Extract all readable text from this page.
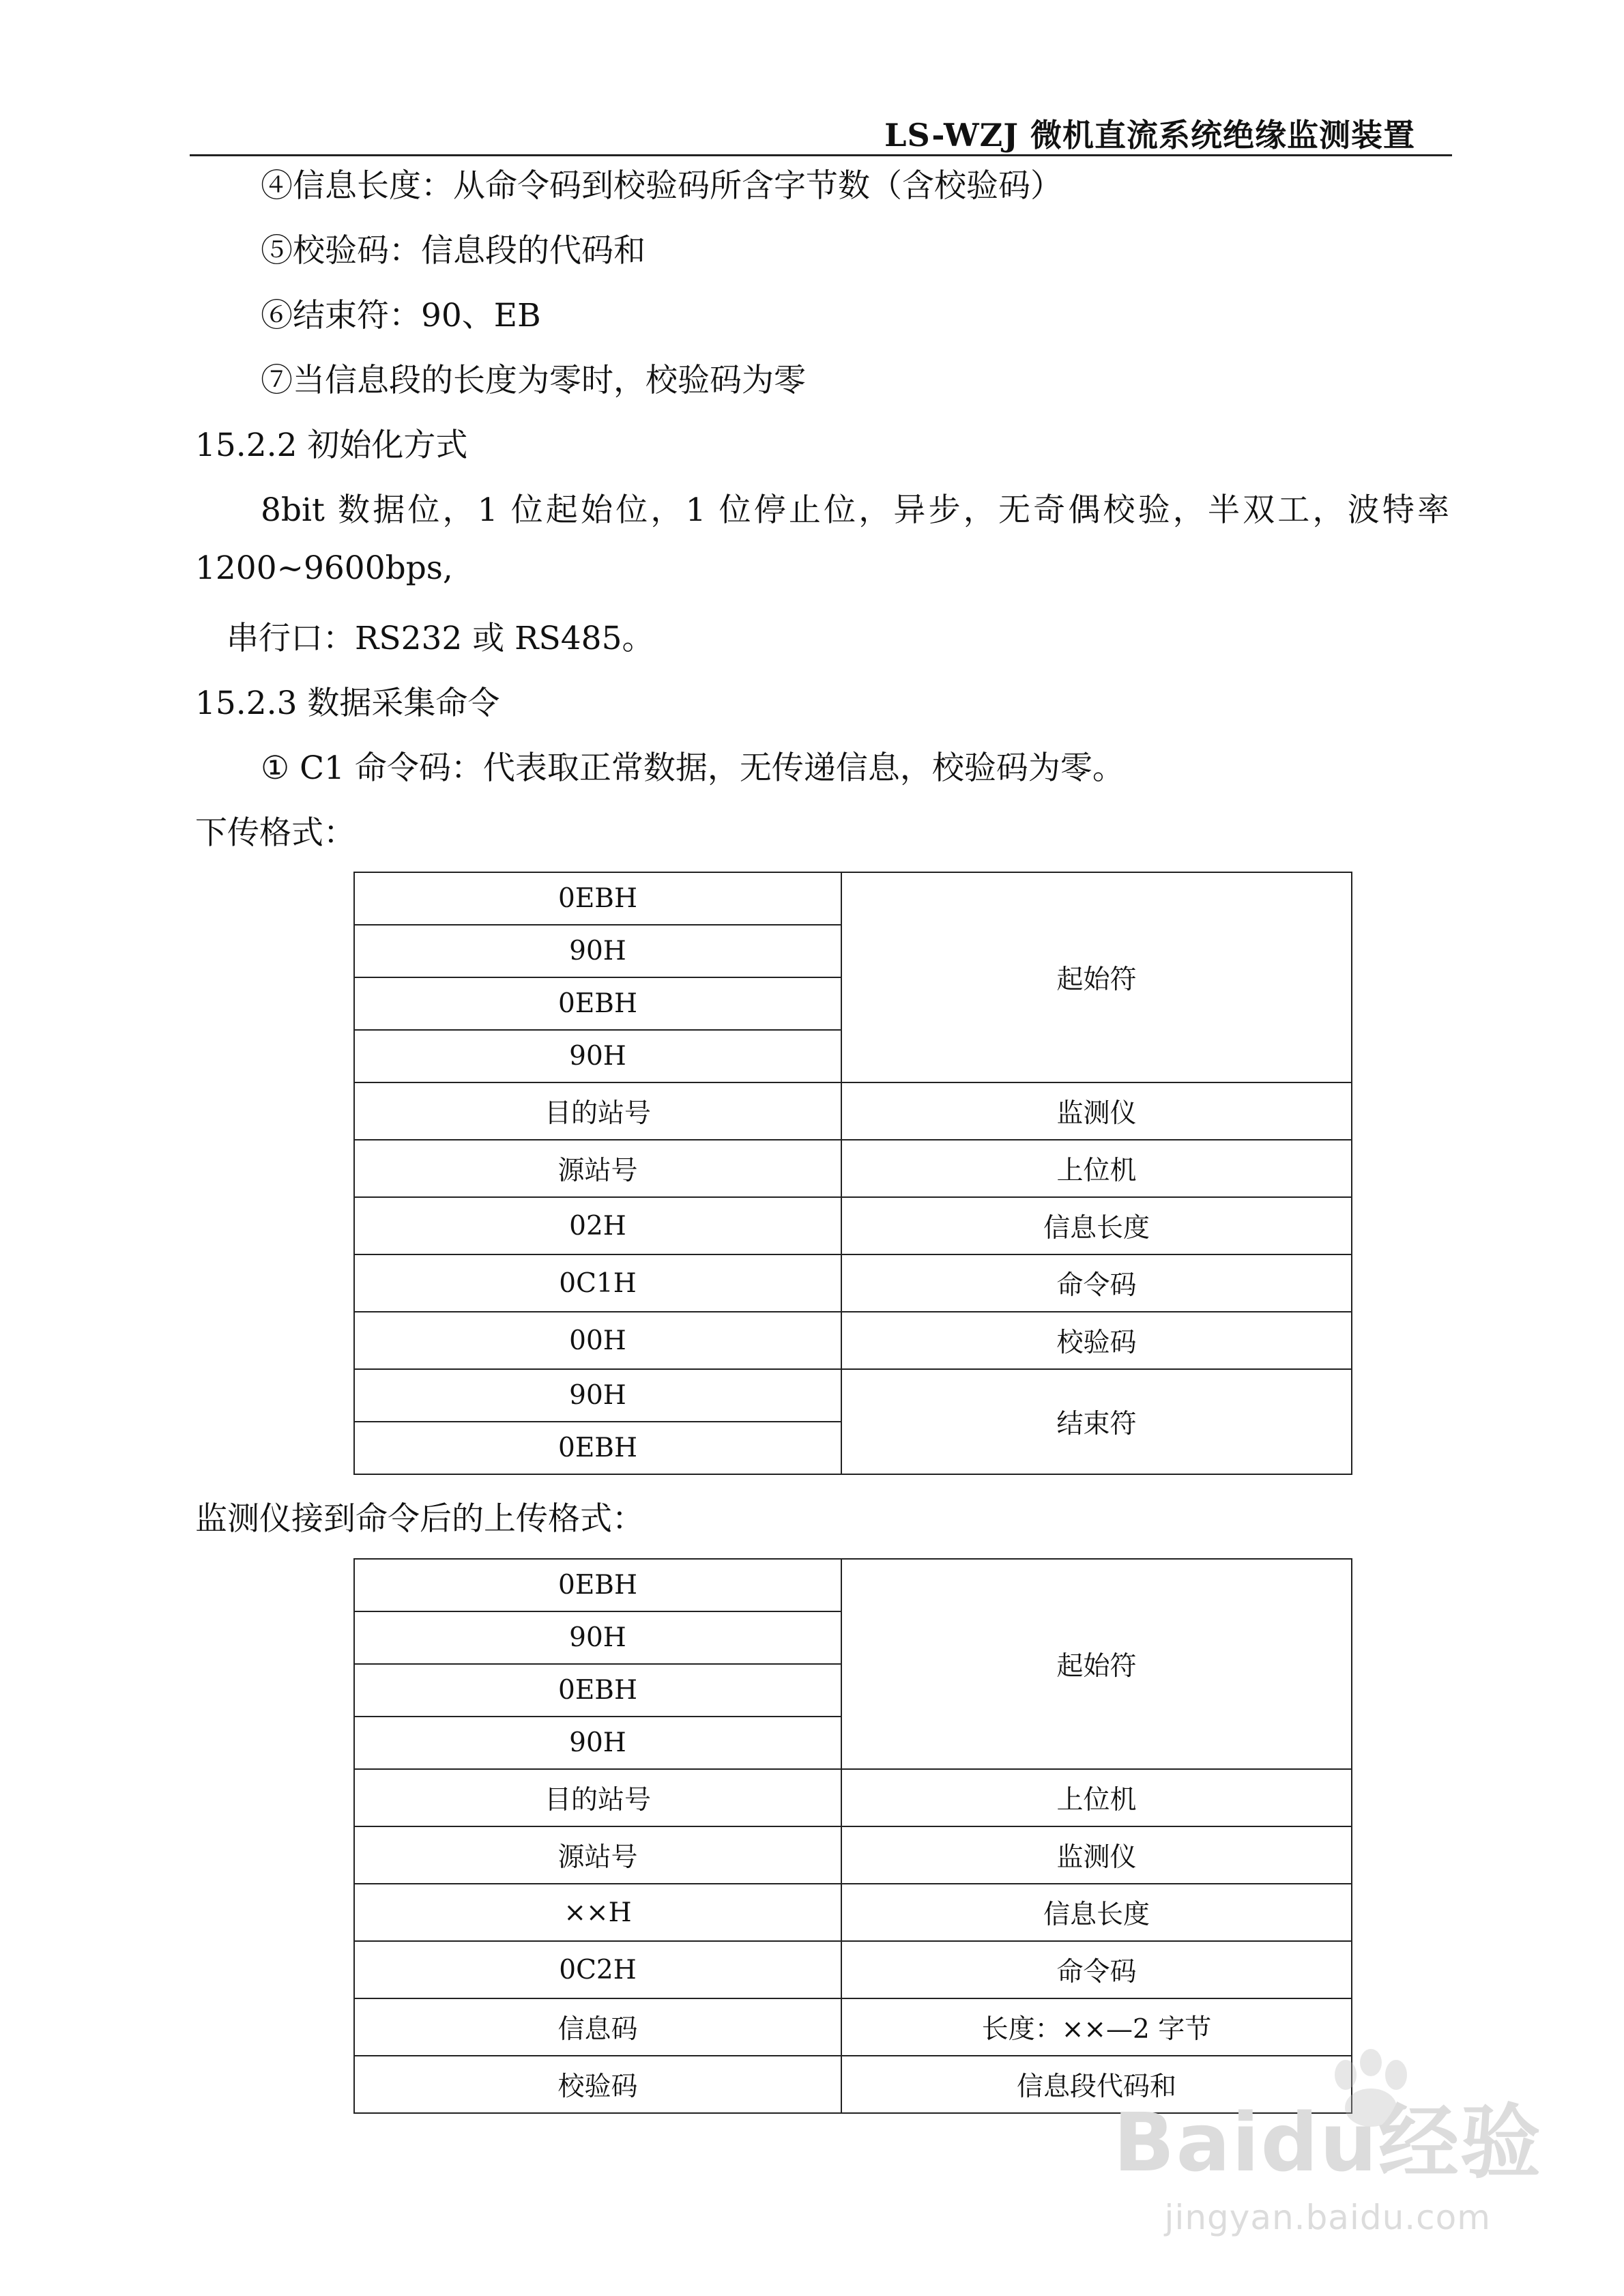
LS-WZJ 微机直流系统绝缘监测装置
④信息长度：从命令码到校验码所含字节数（含校验码）
⑤校验码：信息段的代码和
⑥结束符：90、EB
⑦当信息段的长度为零时，校验码为零
15.2.2 初始化方式
8bit 数据位，1 位起始位，1 位停止位，异步，无奇偶校验，半双工，波特率
1200~9600bps,
串行口：RS232 或 RS485。
15.2.3 数据采集命令
① C1 命令码：代表取正常数据，无传递信息，校验码为零。
下传格式：
0EBH	起始符
90H	
0EBH	
90H	
目的站号	监测仪
源站号	上位机
02H	信息长度
0C1H	命令码
00H	校验码
90H	结束符
0EBH	
监测仪接到命令后的上传格式：
0EBH	起始符
90H	
0EBH	
90H	
目的站号	上位机
源站号	监测仪
××H	信息长度
0C2H	命令码
信息码	长度：××—2 字节
校验码	信息段代码和
Baidu经验
jingyan.baidu.com
